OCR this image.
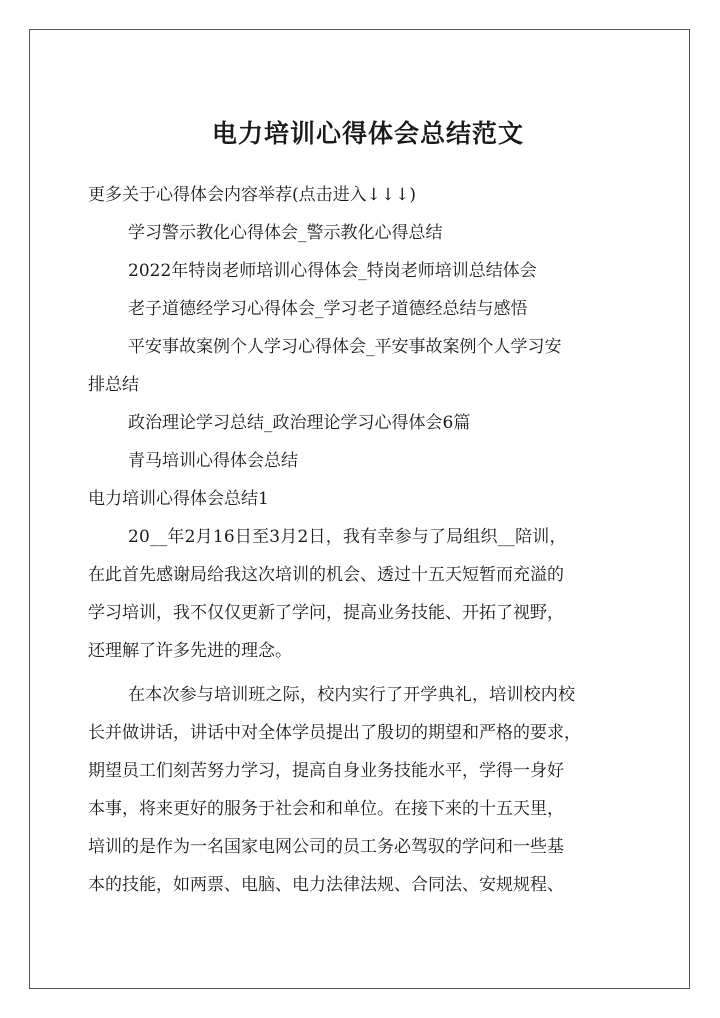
电力培训心得体会总结范文
更多关于心得体会内容举荐(点击进入↓↓↓)
学习警示教化心得体会_警示教化心得总结
2022年特岗老师培训心得体会_特岗老师培训总结体会
老子道德经学习心得体会_学习老子道德经总结与感悟
平安事故案例个人学习心得体会_平安事故案例个人学习安
排总结
政治理论学习总结_政治理论学习心得体会6篇
青马培训心得体会总结
电力培训心得体会总结1
20__年2月16日至3月2日，我有幸参与了局组织__陪训，
在此首先感谢局给我这次培训的机会、透过十五天短暂而充溢的
学习培训，我不仅仅更新了学问，提高业务技能、开拓了视野，
还理解了许多先进的理念。
在本次参与培训班之际，校内实行了开学典礼，培训校内校
长并做讲话，讲话中对全体学员提出了殷切的期望和严格的要求，
期望员工们刻苦努力学习，提高自身业务技能水平，学得一身好
本事，将来更好的服务于社会和和单位。在接下来的十五天里，
培训的是作为一名国家电网公司的员工务必驾驭的学问和一些基
本的技能，如两票、电脑、电力法律法规、合同法、安规规程、
